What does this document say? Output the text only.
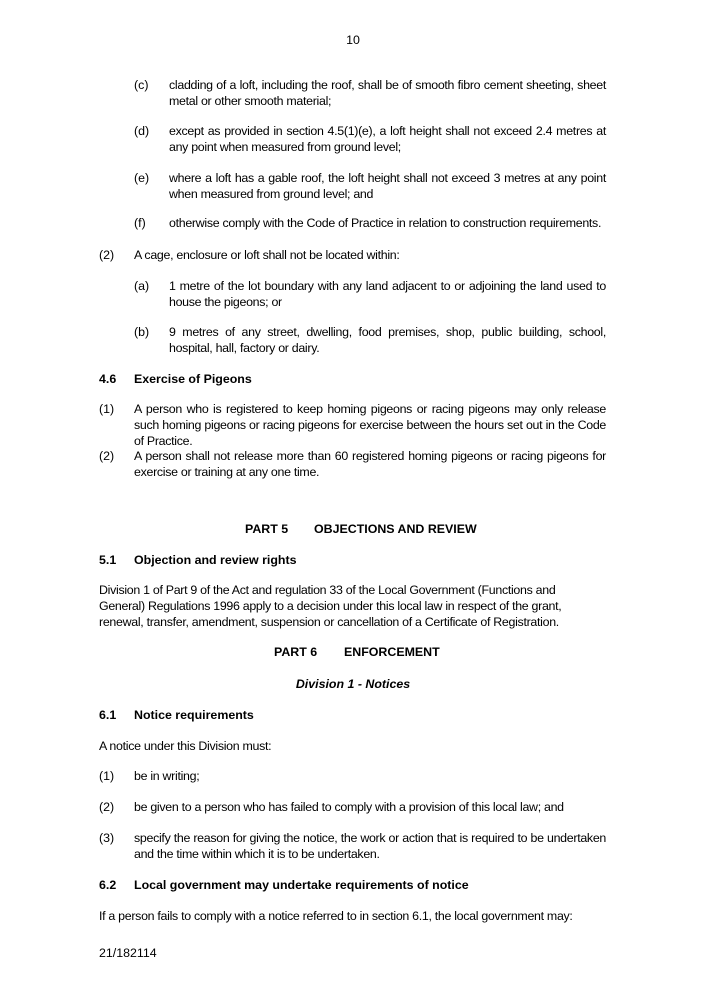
10
(c) cladding of a loft, including the roof, shall be of smooth fibro cement sheeting, sheet metal or other smooth material;
(d) except as provided in section 4.5(1)(e), a loft height shall not exceed 2.4 metres at any point when measured from ground level;
(e) where a loft has a gable roof, the loft height shall not exceed 3 metres at any point when measured from ground level; and
(f) otherwise comply with the Code of Practice in relation to construction requirements.
(2) A cage, enclosure or loft shall not be located within:
(a) 1 metre of the lot boundary with any land adjacent to or adjoining the land used to house the pigeons; or
(b) 9 metres of any street, dwelling, food premises, shop, public building, school, hospital, hall, factory or dairy.
4.6 Exercise of Pigeons
(1) A person who is registered to keep homing pigeons or racing pigeons may only release such homing pigeons or racing pigeons for exercise between the hours set out in the Code of Practice.
(2) A person shall not release more than 60 registered homing pigeons or racing pigeons for exercise or training at any one time.
PART 5 OBJECTIONS AND REVIEW
5.1 Objection and review rights
Division 1 of Part 9 of the Act and regulation 33 of the Local Government (Functions and General) Regulations 1996 apply to a decision under this local law in respect of the grant, renewal, transfer, amendment, suspension or cancellation of a Certificate of Registration.
PART 6 ENFORCEMENT
Division 1 - Notices
6.1 Notice requirements
A notice under this Division must:
(1) be in writing;
(2) be given to a person who has failed to comply with a provision of this local law; and
(3) specify the reason for giving the notice, the work or action that is required to be undertaken and the time within which it is to be undertaken.
6.2 Local government may undertake requirements of notice
If a person fails to comply with a notice referred to in section 6.1, the local government may:
21/182114
